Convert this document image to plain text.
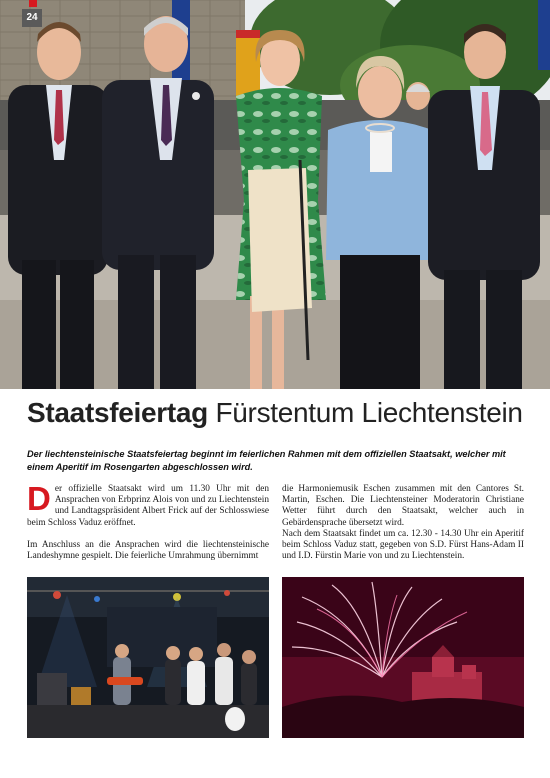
24
Staatsfeiertag Fürstentum Liechtenstein
Der liechtensteinische Staatsfeiertag beginnt im feierlichen Rahmen mit dem offiziellen Staatsakt, welcher mit einem Aperitif im Rosengarten abgeschlossen wird.

Der offizielle Staatsakt wird um 11.30 Uhr mit den Ansprachen von Erbprinz Alois von und zu Liechtenstein und Landtagspräsident Albert Frick auf der Schlosswiese beim Schloss Vaduz eröffnet.

Im Anschluss an die Ansprachen wird die liechtensteinische Landeshymne gespielt. Die feierliche Umrahmung übernimmt

die Harmoniemusik Eschen zusammen mit den Cantores St. Martin, Eschen. Die Liechtensteiner Moderatorin Christiane Wetter führt durch den Staatsakt, welcher auch in Gebärdensprache übersetzt wird.

Nach dem Staatsakt findet um ca. 12.30 - 14.30 Uhr ein Aperitif beim Schloss Vaduz statt, gegeben von S.D. Fürst Hans-Adam II und I.D. Fürstin Marie von und zu Liechtenstein.
